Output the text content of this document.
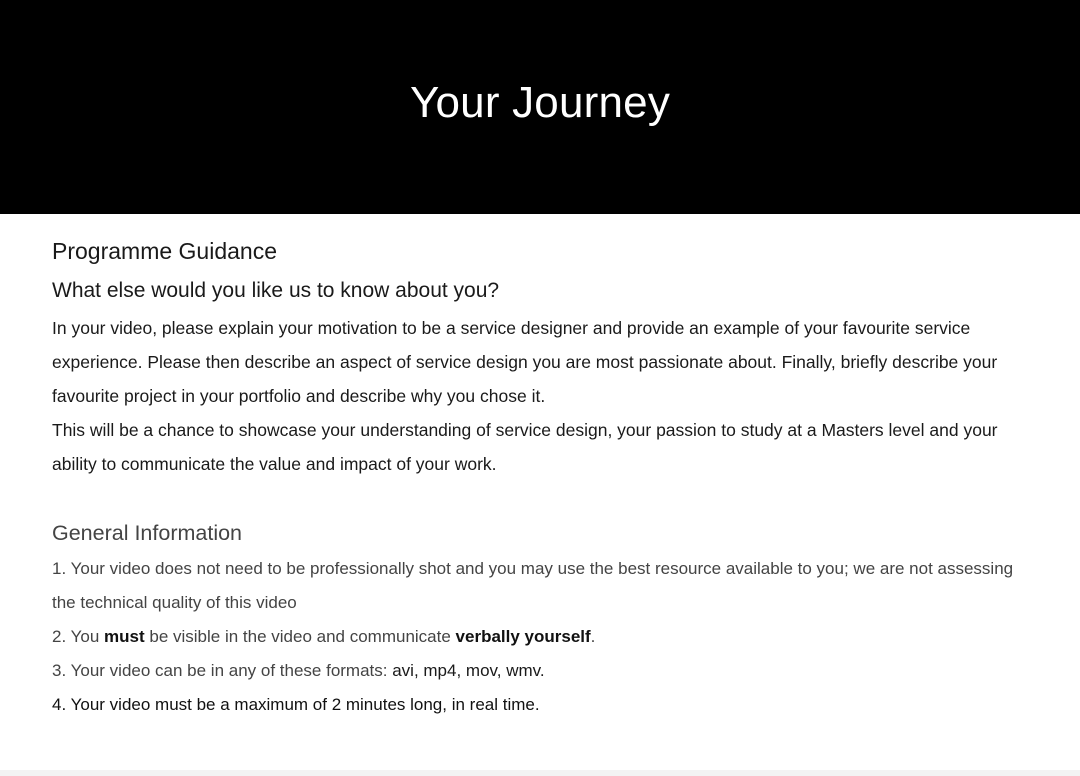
Your Journey
Programme Guidance
What else would you like us to know about you?

In your video, please explain your motivation to be a service designer and provide an example of your favourite service experience. Please then describe an aspect of service design you are most passionate about. Finally, briefly describe your favourite project in your portfolio and describe why you chose it.

This will be a chance to showcase your understanding of service design, your passion to study at a Masters level and your ability to communicate the value and impact of your work.

General Information

1. Your video does not need to be professionally shot and you may use the best resource available to you; we are not assessing the technical quality of this video

2. You must be visible in the video and communicate verbally yourself.

3. Your video can be in any of these formats: avi, mp4, mov, wmv.

4. Your video must be a maximum of 2 minutes long, in real time.
